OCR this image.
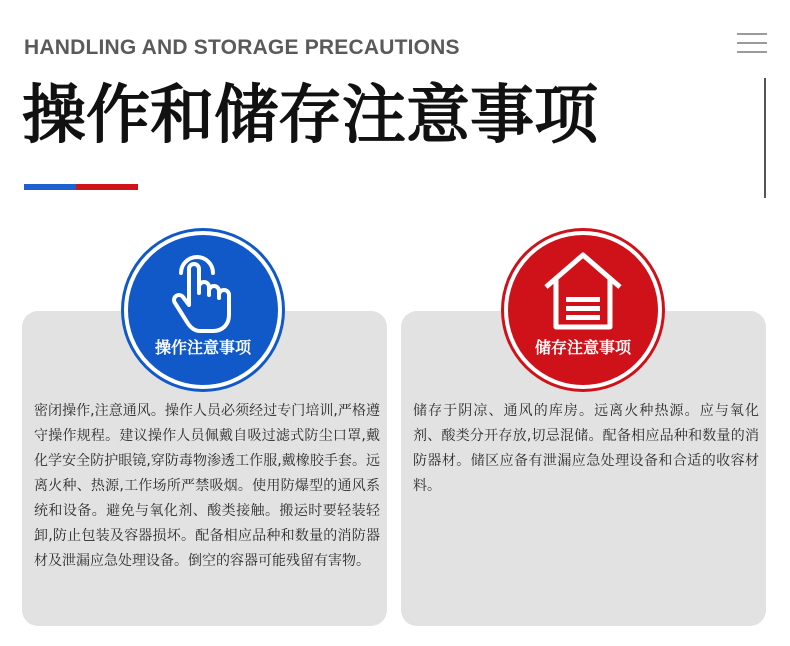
HANDLING AND STORAGE PRECAUTIONS
操作和储存注意事项
密闭操作,注意通风。操作人员必须经过专门培训,严格遵守操作规程。建议操作人员佩戴自吸过滤式防尘口罩,戴化学安全防护眼镜,穿防毒物渗透工作服,戴橡胶手套。远离火种、热源,工作场所严禁吸烟。使用防爆型的通风系统和设备。避免与氧化剂、酸类接触。搬运时要轻装轻卸,防止包装及容器损坏。配备相应品种和数量的消防器材及泄漏应急处理设备。倒空的容器可能残留有害物。
储存于阴凉、通风的库房。远离火种热源。应与氧化剂、酸类分开存放,切忌混储。配备相应品种和数量的消防器材。储区应备有泄漏应急处理设备和合适的收容材料。
操作注意事项	储存注意事项
